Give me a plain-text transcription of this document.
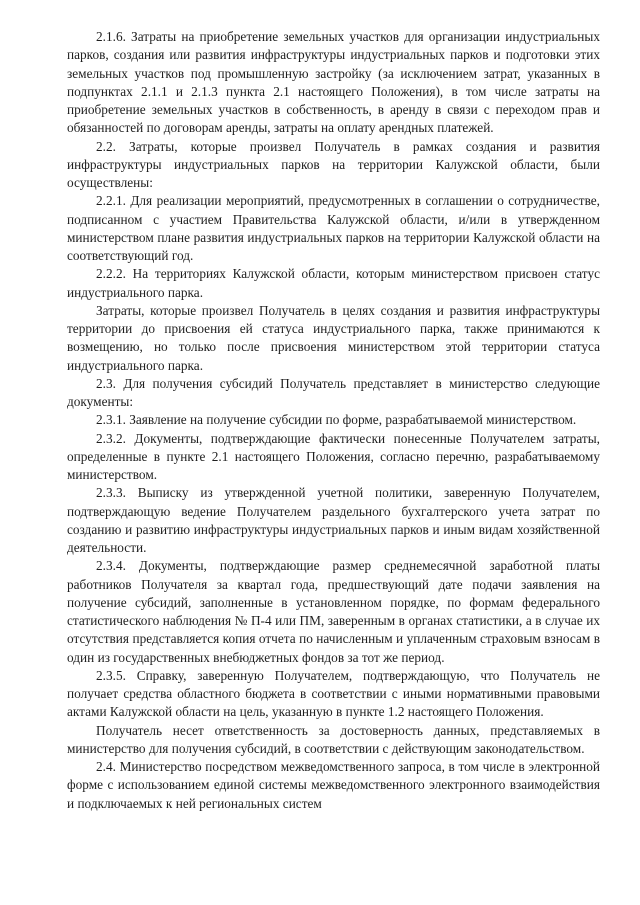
2.1.6. Затраты на приобретение земельных участков для организации индустриальных парков, создания или развития инфраструктуры индустриальных парков и подготовки этих земельных участков под промышленную застройку (за исключением затрат, указанных в подпунктах 2.1.1 и 2.1.3 пункта 2.1 настоящего Положения), в том числе затраты на приобретение земельных участков в собственность, в аренду в связи с переходом прав и обязанностей по договорам аренды, затраты на оплату арендных платежей.

2.2. Затраты, которые произвел Получатель в рамках создания и развития инфраструктуры индустриальных парков на территории Калужской области, были осуществлены:

2.2.1. Для реализации мероприятий, предусмотренных в соглашении о сотрудничестве, подписанном с участием Правительства Калужской области, и/или в утвержденном министерством плане развития индустриальных парков на территории Калужской области на соответствующий год.

2.2.2. На территориях Калужской области, которым министерством присвоен статус индустриального парка.

Затраты, которые произвел Получатель в целях создания и развития инфраструктуры территории до присвоения ей статуса индустриального парка, также принимаются к возмещению, но только после присвоения министерством этой территории статуса индустриального парка.

2.3. Для получения субсидий Получатель представляет в министерство следующие документы:

2.3.1. Заявление на получение субсидии по форме, разрабатываемой министерством.

2.3.2. Документы, подтверждающие фактически понесенные Получателем затраты, определенные в пункте 2.1 настоящего Положения, согласно перечню, разрабатываемому министерством.

2.3.3. Выписку из утвержденной учетной политики, заверенную Получателем, подтверждающую ведение Получателем раздельного бухгалтерского учета затрат по созданию и развитию инфраструктуры индустриальных парков и иным видам хозяйственной деятельности.

2.3.4. Документы, подтверждающие размер среднемесячной заработной платы работников Получателя за квартал года, предшествующий дате подачи заявления на получение субсидий, заполненные в установленном порядке, по формам федерального статистического наблюдения № П-4 или ПМ, заверенным в органах статистики, а в случае их отсутствия представляется копия отчета по начисленным и уплаченным страховым взносам в один из государственных внебюджетных фондов за тот же период.

2.3.5. Справку, заверенную Получателем, подтверждающую, что Получатель не получает средства областного бюджета в соответствии с иными нормативными правовыми актами Калужской области на цель, указанную в пункте 1.2 настоящего Положения.

Получатель несет ответственность за достоверность данных, представляемых в министерство для получения субсидий, в соответствии с действующим законодательством.

2.4. Министерство посредством межведомственного запроса, в том числе в электронной форме с использованием единой системы межведомственного электронного взаимодействия и подключаемых к ней региональных систем
